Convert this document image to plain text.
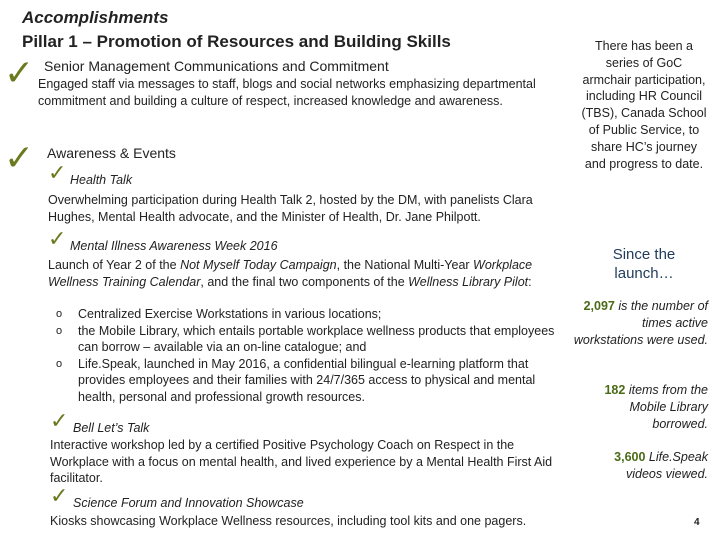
Accomplishments
Pillar 1 – Promotion of Resources and Building Skills
✓ Senior Management Communications and Commitment
Engaged staff via messages to staff, blogs and social networks emphasizing departmental commitment and building a culture of respect, increased knowledge and awareness.
✓ Awareness & Events
✓ Health Talk
Overwhelming participation during Health Talk 2, hosted by the DM, with panelists Clara Hughes, Mental Health advocate, and the Minister of Health, Dr. Jane Philpott.
✓ Mental Illness Awareness Week 2016
Launch of Year 2 of the Not Myself Today Campaign, the National Multi-Year Workplace Wellness Training Calendar, and the final two components of the Wellness Library Pilot:
o Centralized Exercise Workstations in various locations;
o the Mobile Library, which entails portable workplace wellness products that employees can borrow – available via an on-line catalogue; and
o Life.Speak, launched in May 2016, a confidential bilingual e-learning platform that provides employees and their families with 24/7/365 access to physical and mental health, personal and professional growth resources.
✓ Bell Let’s Talk
Interactive workshop led by a certified Positive Psychology Coach on Respect in the Workplace with a focus on mental health, and lived experience by a Mental Health First Aid facilitator.
✓ Science Forum and Innovation Showcase
Kiosks showcasing Workplace Wellness resources, including tool kits and one pagers.
There has been a series of GoC armchair participation, including HR Council (TBS), Canada School of Public Service, to share HC’s journey and progress to date.
Since the launch…
2,097 is the number of times active workstations were used.
182 items from the Mobile Library borrowed.
3,600 Life.Speak videos viewed.
4
